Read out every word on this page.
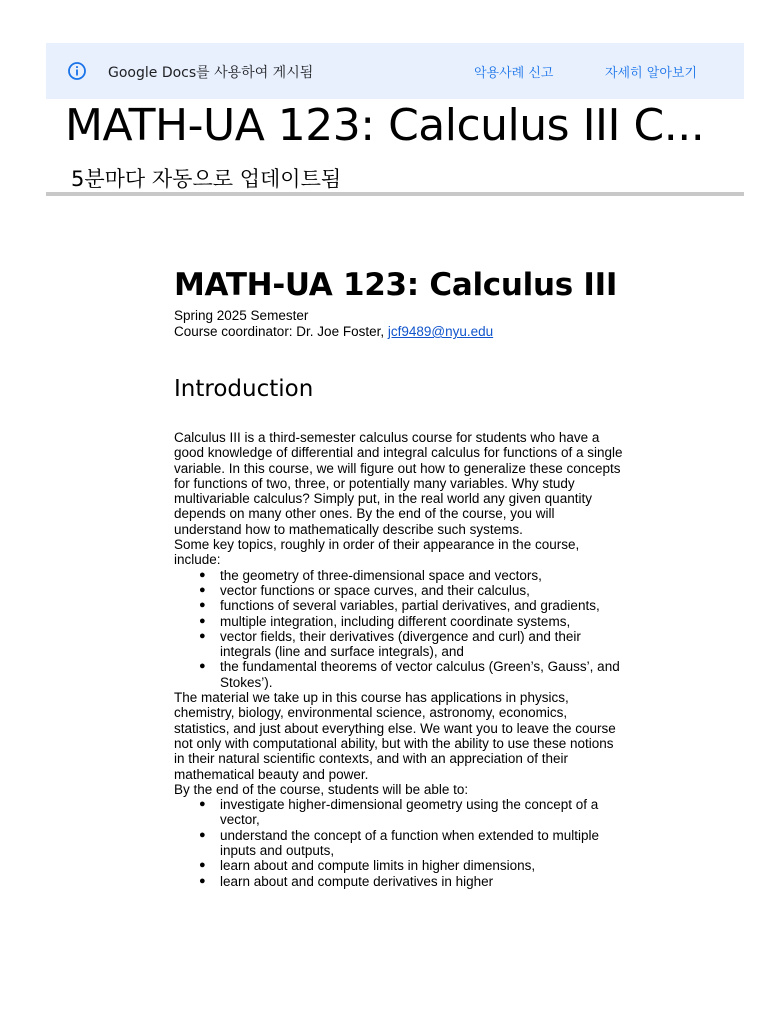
Google Docs를 사용하여 게시됨	악용사례 신고	자세히 알아보기
MATH-UA 123: Calculus III C...
5분마다 자동으로 업데이트됨
MATH-UA 123: Calculus III

Spring 2025 Semester

Course coordinator: Dr. Joe Foster, jcf9489@nyu.edu

Introduction

Calculus III is a third-semester calculus course for students who have a good knowledge of differential and integral calculus for functions of a single variable. In this course, we will figure out how to generalize these concepts for functions of two, three, or potentially many variables. Why study multivariable calculus? Simply put, in the real world any given quantity depends on many other ones. By the end of the course, you will understand how to mathematically describe such systems.

Some key topics, roughly in order of their appearance in the course, include:

● the geometry of three-dimensional space and vectors,
● vector functions or space curves, and their calculus,
● functions of several variables, partial derivatives, and gradients,
● multiple integration, including different coordinate systems,
● vector fields, their derivatives (divergence and curl) and their integrals (line and surface integrals), and
● the fundamental theorems of vector calculus (Green’s, Gauss’, and Stokes’).

The material we take up in this course has applications in physics, chemistry, biology, environmental science, astronomy, economics, statistics, and just about everything else. We want you to leave the course not only with computational ability, but with the ability to use these notions in their natural scientific contexts, and with an appreciation of their mathematical beauty and power.

By the end of the course, students will be able to:

● investigate higher-dimensional geometry using the concept of a vector,
● understand the concept of a function when extended to multiple inputs and outputs,
● learn about and compute limits in higher dimensions,
● learn about and compute derivatives in higher
